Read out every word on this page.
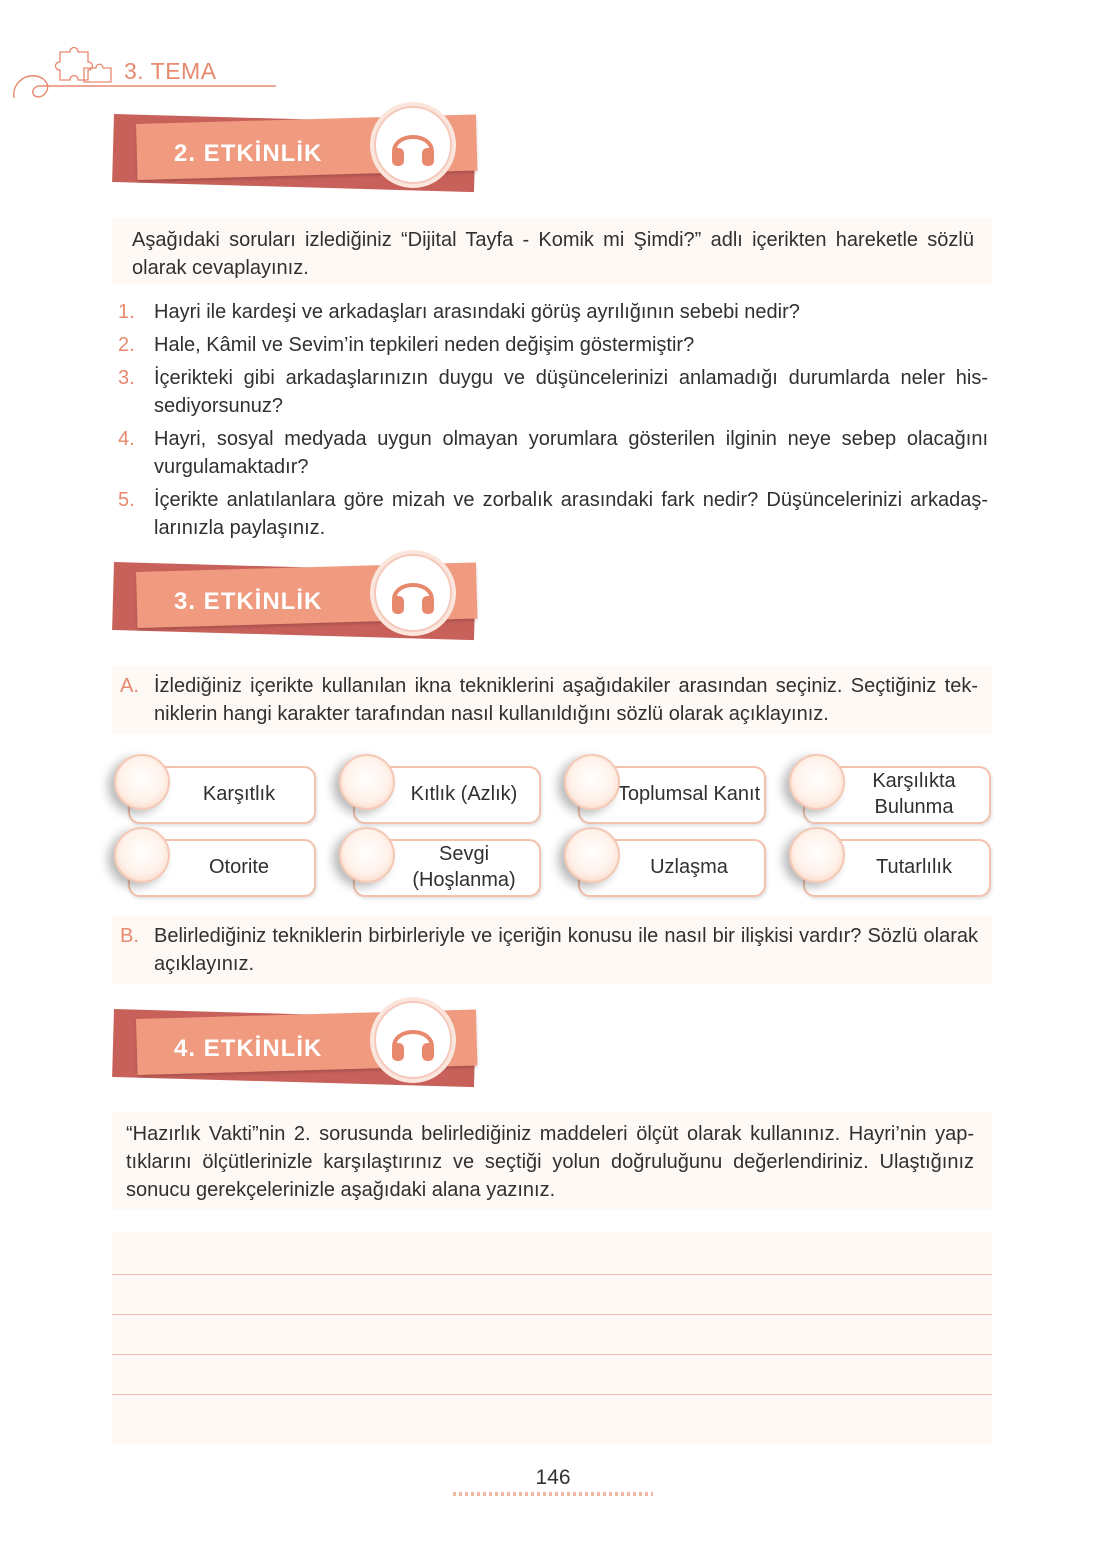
3. TEMA
2. ETKİNLİK
Aşağıdaki soruları izlediğiniz “Dijital Tayfa - Komik mi Şimdi?” adlı içerikten hareketle sözlü olarak cevaplayınız.
1. Hayri ile kardeşi ve arkadaşları arasındaki görüş ayrılığının sebebi nedir?
2. Hale, Kâmil ve Sevim’in tepkileri neden değişim göstermiştir?
3. İçerikteki gibi arkadaşlarınızın duygu ve düşüncelerinizi anlamadığı durumlarda neler his-sediyorsunuz?
4. Hayri, sosyal medyada uygun olmayan yorumlara gösterilen ilginin neye sebep olacağını vurgulamaktadır?
5. İçerikte anlatılanlara göre mizah ve zorbalık arasındaki fark nedir? Düşüncelerinizi arkadaş-larınızla paylaşınız.
3. ETKİNLİK
A. İzlediğiniz içerikte kullanılan ikna tekniklerini aşağıdakiler arasından seçiniz. Seçtiğiniz tek-niklerin hangi karakter tarafından nasıl kullanıldığını sözlü olarak açıklayınız.
Karşıtlık	Kıtlık (Azlık)	Toplumsal Kanıt
Karşılıkta Bulunma
Otorite
Sevgi (Hoşlanma)
Uzlaşma	Tutarlılık
B. Belirlediğiniz tekniklerin birbirleriyle ve içeriğin konusu ile nasıl bir ilişkisi vardır? Sözlü olarak açıklayınız.
4. ETKİNLİK
“Hazırlık Vakti”nin 2. sorusunda belirlediğiniz maddeleri ölçüt olarak kullanınız. Hayri’nin yap-tıklarını ölçütlerinizle karşılaştırınız ve seçtiği yolun doğruluğunu değerlendiriniz. Ulaştığınız sonucu gerekçelerinizle aşağıdaki alana yazınız.
146
